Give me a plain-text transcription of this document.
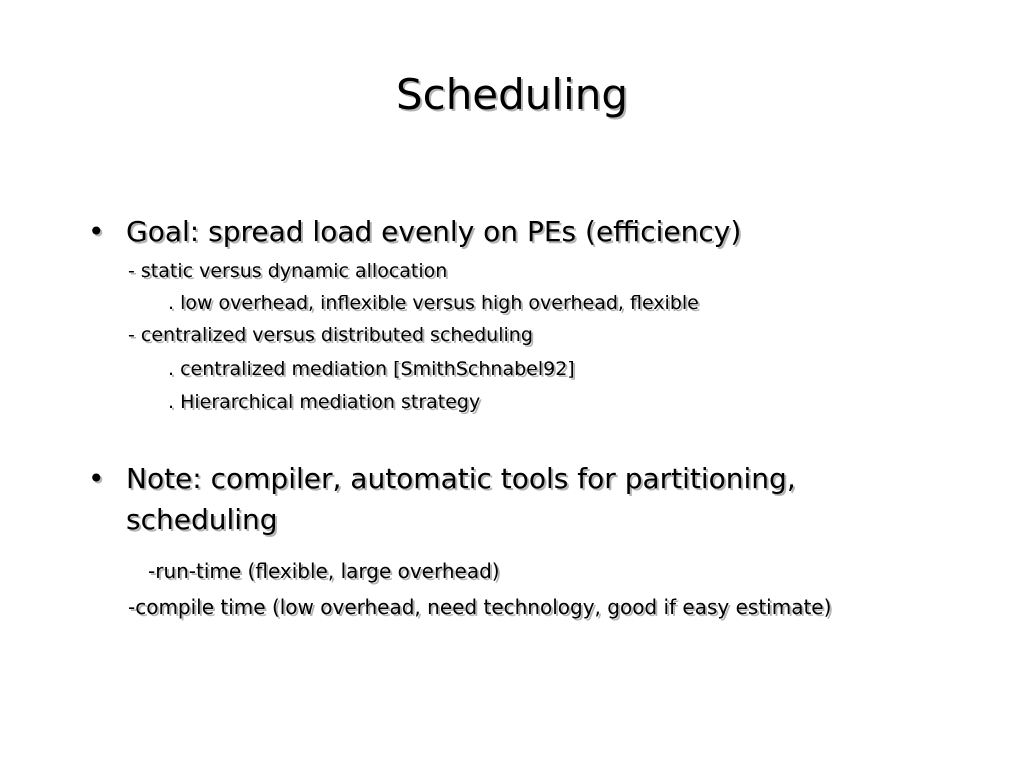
Scheduling
• Goal: spread load evenly on PEs (efficiency)
- static versus dynamic allocation
. low overhead, inflexible versus high overhead, flexible
- centralized versus distributed scheduling
. centralized mediation [SmithSchnabel92]
. Hierarchical mediation strategy
• Note: compiler, automatic tools for partitioning,
scheduling
-run-time (flexible, large overhead)
-compile time (low overhead, need technology, good if easy estimate)
